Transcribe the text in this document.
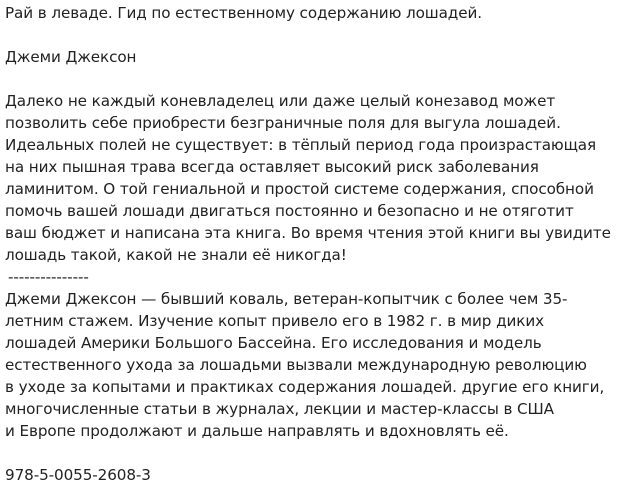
Рай в леваде. Гид по естественному содержанию лошадей.
Джеми Джексон
Далеко не каждый коневладелец или даже целый конезавод может
позволить себе приобрести безграничные поля для выгула лошадей.
Идеальных полей не существует: в тёплый период года произрастающая
на них пышная трава всегда оставляет высокий риск заболевания
ламинитом. О той гениальной и простой системе содержания, способной
помочь вашей лошади двигаться постоянно и безопасно и не отяготит
ваш бюджет и написана эта книга. Во время чтения этой книги вы увидите
лошадь такой, какой не знали её никогда!
---------------
Джеми Джексон — бывший коваль, ветеран-копытчик с более чем 35-
летним стажем. Изучение копыт привело его в 1982 г. в мир диких
лошадей Америки Большого Бассейна. Его исследования и модель
естественного ухода за лошадьми вызвали международную революцию
в уходе за копытами и практиках содержания лошадей. другие его книги,
многочисленные статьи в журналах, лекции и мастер-классы в США
и Европе продолжают и дальше направлять и вдохновлять её.
978-5-0055-2608-3
